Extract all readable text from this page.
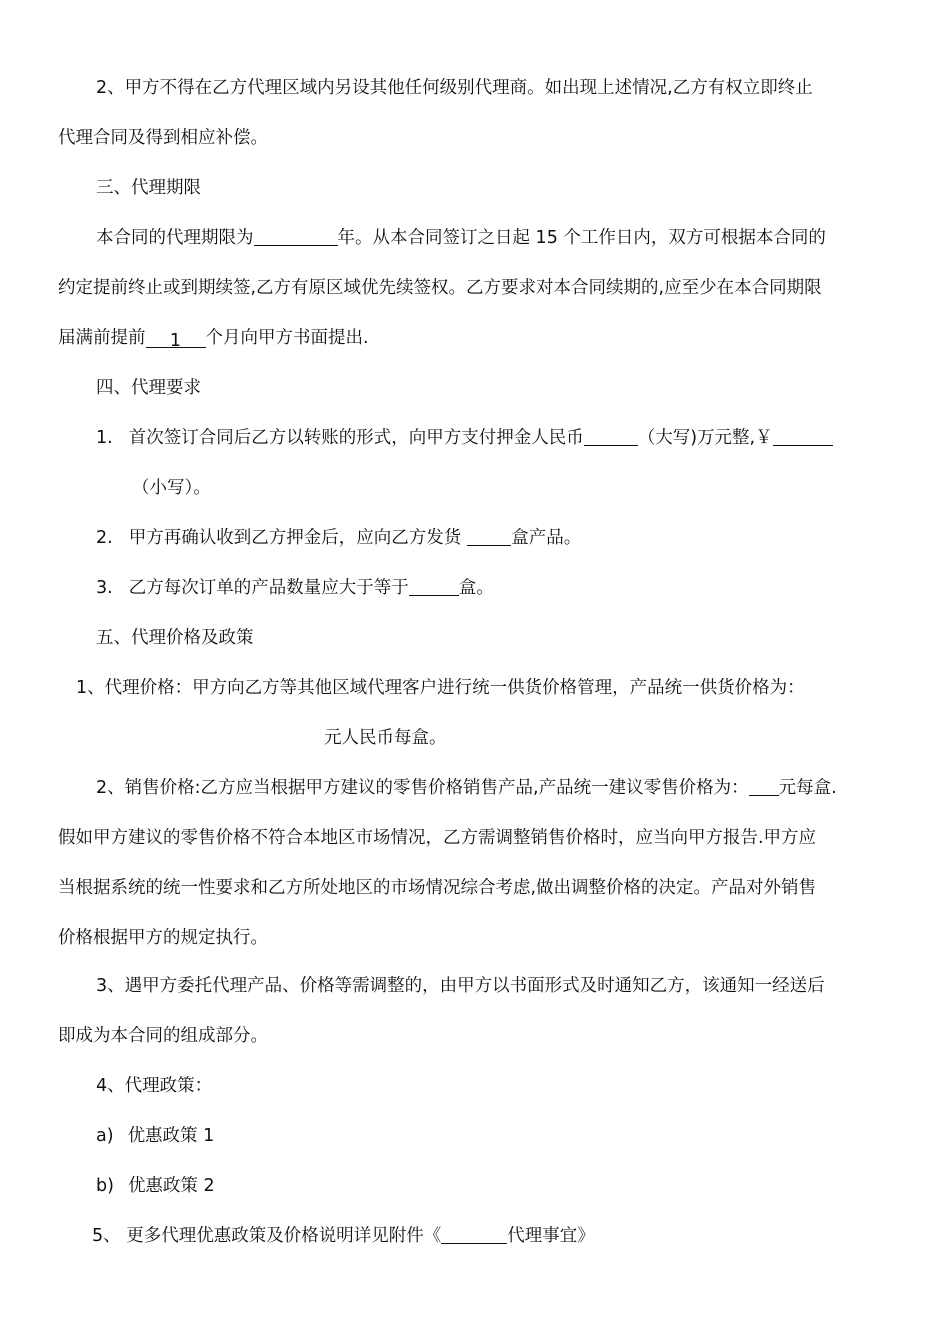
2、甲方不得在乙方代理区域内另设其他任何级别代理商。如出现上述情况,乙方有权立即终止
代理合同及得到相应补偿。
三、代理期限
本合同的代理期限为	年。从本合同签订之日起 15 个工作日内，双方可根据本合同的
约定提前终止或到期续签,乙方有原区域优先续签权。乙方要求对本合同续期的,应至少在本合同期限
届满前提前 1 个月向甲方书面提出.
四、代理要求
1. 首次签订合同后乙方以转账的形式，向甲方支付押金人民币	（大写)万元整,￥
（小写）。
2. 甲方再确认收到乙方押金后，应向乙方发货	盒产品。
3. 乙方每次订单的产品数量应大于等于	盒。
五、代理价格及政策
1、代理价格：甲方向乙方等其他区域代理客户进行统一供货价格管理，产品统一供货价格为：
元人民币每盒。
2、销售价格:乙方应当根据甲方建议的零售价格销售产品,产品统一建议零售价格为： 元每盒.
假如甲方建议的零售价格不符合本地区市场情况，乙方需调整销售价格时，应当向甲方报告.甲方应
当根据系统的统一性要求和乙方所处地区的市场情况综合考虑,做出调整价格的决定。产品对外销售
价格根据甲方的规定执行。
3、遇甲方委托代理产品、价格等需调整的，由甲方以书面形式及时通知乙方，该通知一经送后
即成为本合同的组成部分。
4、代理政策：
a) 优惠政策 1
b) 优惠政策 2
5、 更多代理优惠政策及价格说明详见附件《	代理事宜》
